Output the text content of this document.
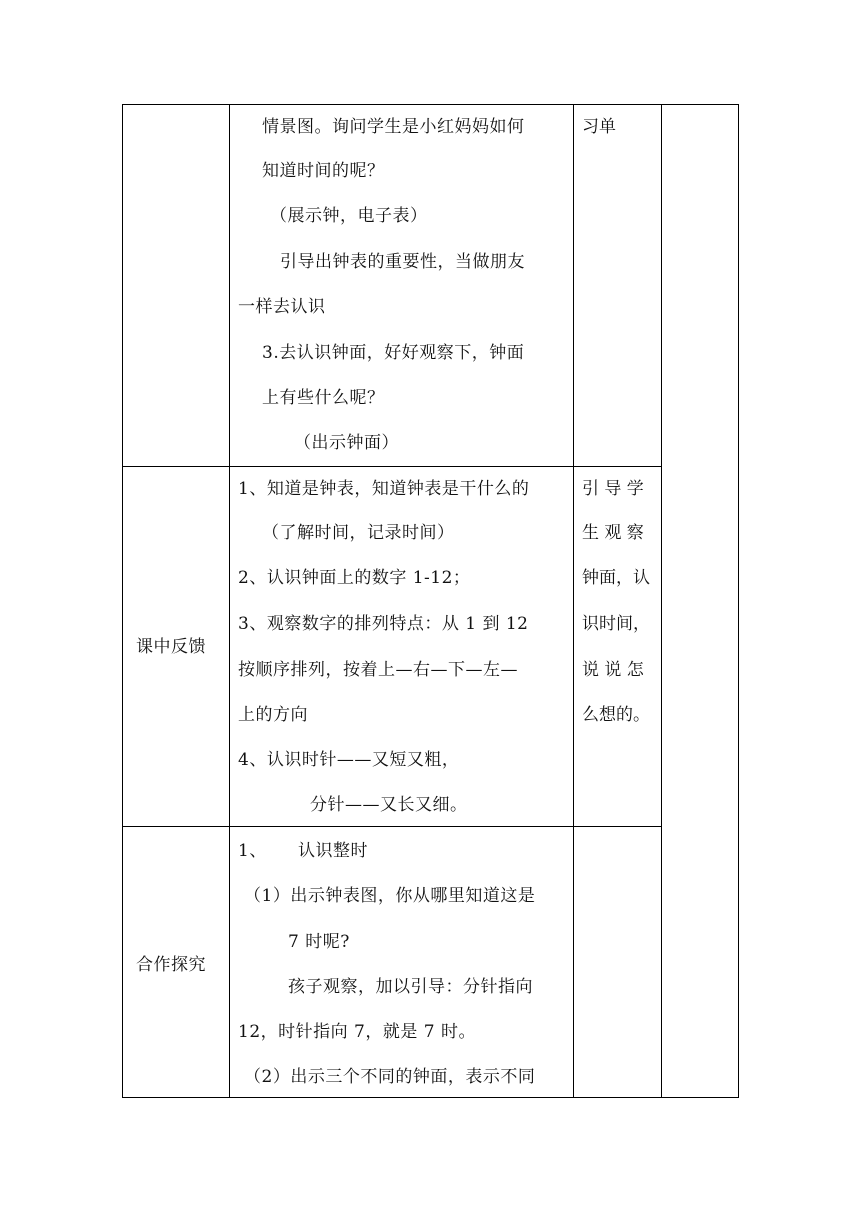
情景图。询问学生是小红妈妈如何
知道时间的呢？
（展示钟，电子表）
引导出钟表的重要性，当做朋友
一样去认识
3.去认识钟面，好好观察下，钟面
上有些什么呢？
（出示钟面）
习单
课中反馈
1、知道是钟表，知道钟表是干什么的
（了解时间，记录时间）
2、认识钟面上的数字 1-12；
3、观察数字的排列特点：从 1 到 12
按顺序排列，按着上—右—下—左—
上的方向
4、认识时针——又短又粗，
分针——又长又细。
引 导 学
生 观 察
钟面，认
识时间，
说 说 怎
么想的。
合作探究
1、 认识整时
（1）出示钟表图，你从哪里知道这是
7 时呢?
孩子观察，加以引导：分针指向
12，时针指向 7，就是 7 时。
（2）出示三个不同的钟面，表示不同
